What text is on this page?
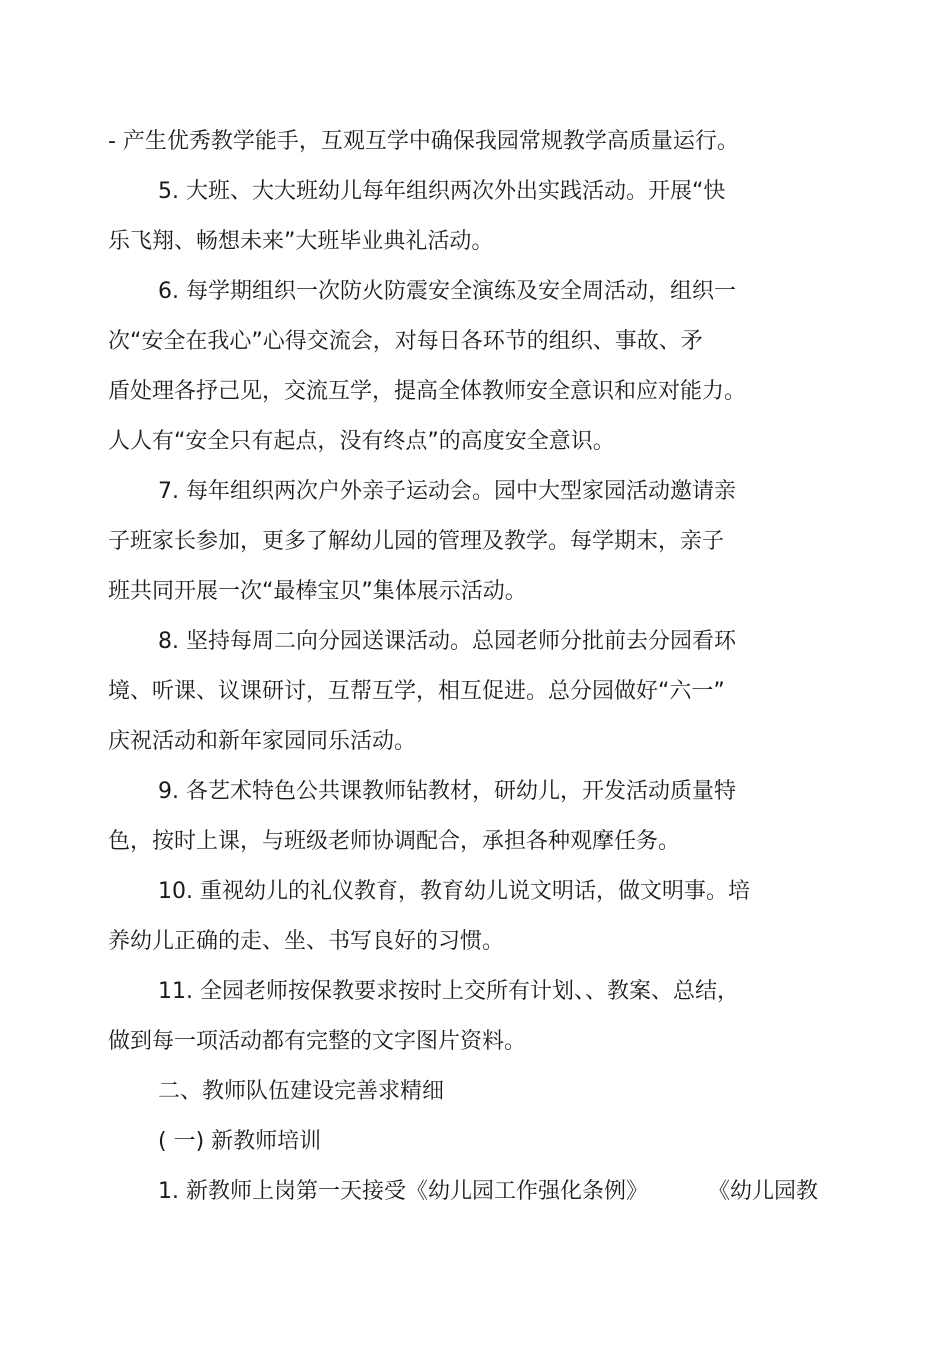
- 产生优秀教学能手，互观互学中确保我园常规教学高质量运行。
5. 大班、大大班幼儿每年组织两次外出实践活动。开展“快
乐飞翔、畅想未来”大班毕业典礼活动。
6. 每学期组织一次防火防震安全演练及安全周活动，组织一
次“安全在我心”心得交流会，对每日各环节的组织、事故、矛
盾处理各抒己见，交流互学，提高全体教师安全意识和应对能力。
人人有“安全只有起点，没有终点”的高度安全意识。
7. 每年组织两次户外亲子运动会。园中大型家园活动邀请亲
子班家长参加，更多了解幼儿园的管理及教学。每学期末，亲子
班共同开展一次“最棒宝贝”集体展示活动。
8. 坚持每周二向分园送课活动。总园老师分批前去分园看环
境、听课、议课研讨，互帮互学，相互促进。总分园做好“六一”
庆祝活动和新年家园同乐活动。
9. 各艺术特色公共课教师钻教材，研幼儿，开发活动质量特
色，按时上课，与班级老师协调配合，承担各种观摩任务。
10. 重视幼儿的礼仪教育，教育幼儿说文明话，做文明事。培
养幼儿正确的走、坐、书写良好的习惯。
11. 全园老师按保教要求按时上交所有计划、、教案、总结，
做到每一项活动都有完整的文字图片资料。
二、教师队伍建设完善求精细
( 一) 新教师培训
1. 新教师上岗第一天接受《幼儿园工作强化条例》	《幼儿园教
